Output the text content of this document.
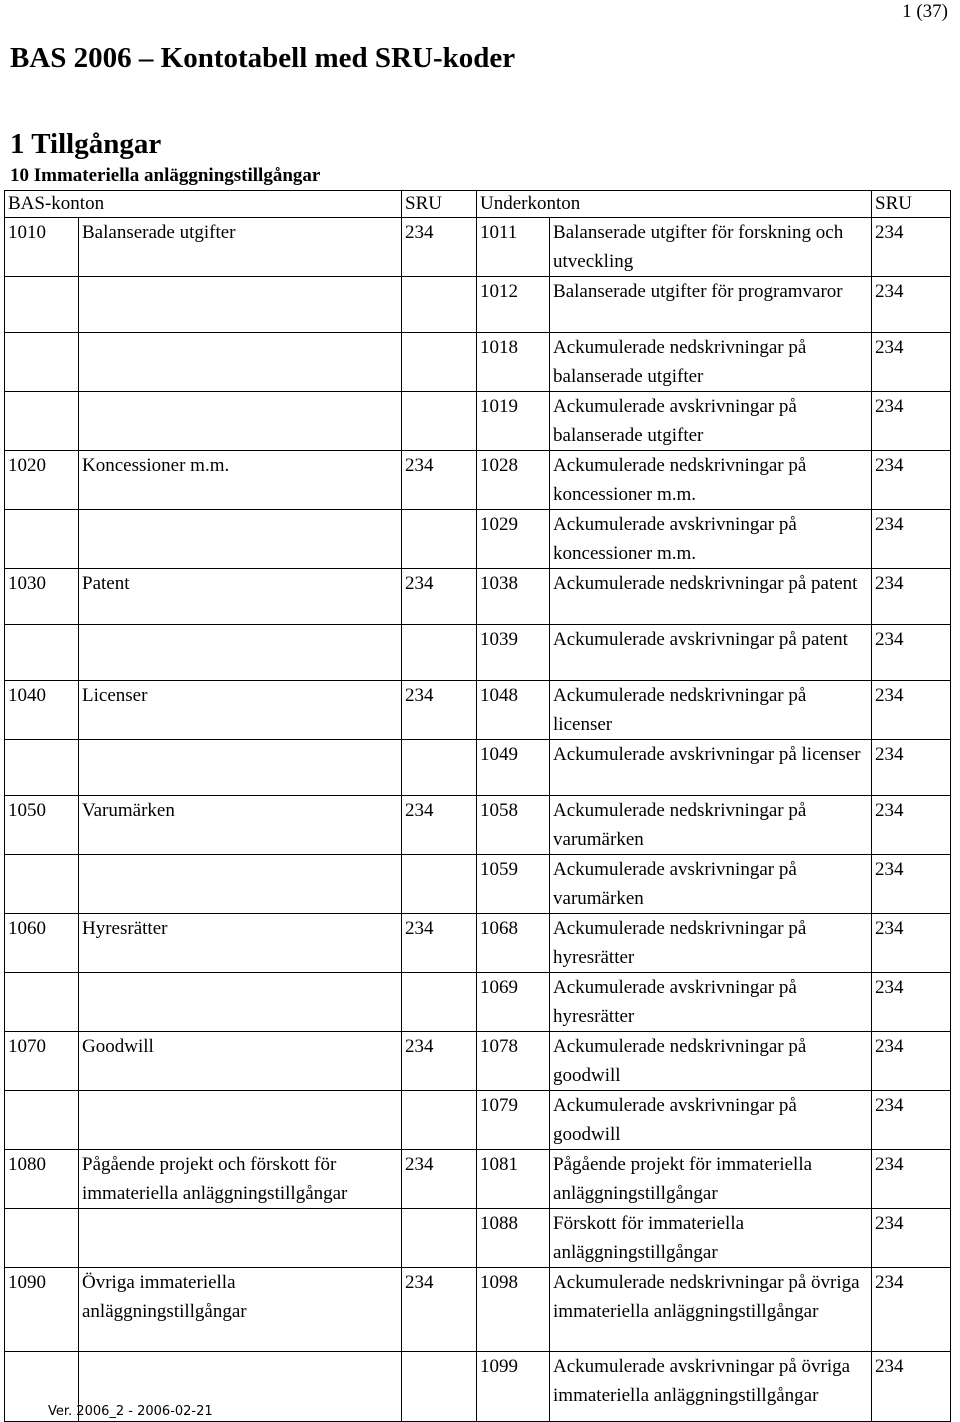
1 (37)
BAS 2006 – Kontotabell med SRU-koder
1 Tillgångar
10 Immateriella anläggningstillgångar
BAS-konton		SRU	Underkonton		SRU
1010	Balanserade utgifter	234	1011	Balanserade utgifter för forskning och utveckling	234
			1012	Balanserade utgifter för programvaror	234
			1018	Ackumulerade nedskrivningar på balanserade utgifter	234
			1019	Ackumulerade avskrivningar på balanserade utgifter	234
1020	Koncessioner m.m.	234	1028	Ackumulerade nedskrivningar på koncessioner m.m.	234
			1029	Ackumulerade avskrivningar på koncessioner m.m.	234
1030	Patent	234	1038	Ackumulerade nedskrivningar på patent	234
			1039	Ackumulerade avskrivningar på patent	234
1040	Licenser	234	1048	Ackumulerade nedskrivningar på licenser	234
			1049	Ackumulerade avskrivningar på licenser	234
1050	Varumärken	234	1058	Ackumulerade nedskrivningar på varumärken	234
			1059	Ackumulerade avskrivningar på varumärken	234
1060	Hyresrätter	234	1068	Ackumulerade nedskrivningar på hyresrätter	234
			1069	Ackumulerade avskrivningar på hyresrätter	234
1070	Goodwill	234	1078	Ackumulerade nedskrivningar på goodwill	234
			1079	Ackumulerade avskrivningar på goodwill	234
1080	Pågående projekt och förskott för immateriella anläggningstillgångar	234	1081	Pågående projekt för immateriella anläggningstillgångar	234
			1088	Förskott för immateriella anläggningstillgångar	234
1090	Övriga immateriella anläggningstillgångar	234	1098	Ackumulerade nedskrivningar på övriga immateriella anläggningstillgångar	234
			1099	Ackumulerade avskrivningar på övriga immateriella anläggningstillgångar	234
Ver. 2006_2 - 2006-02-21
